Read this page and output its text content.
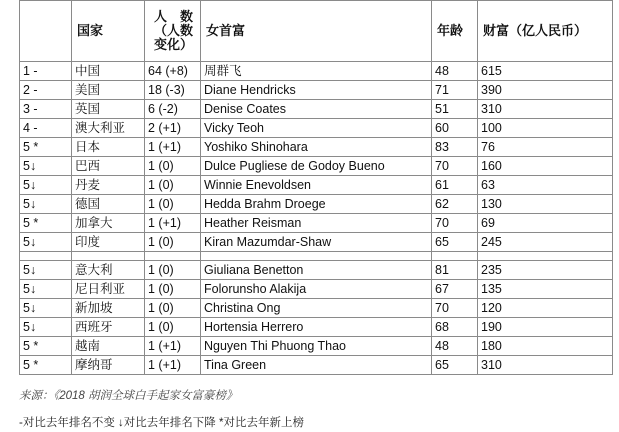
	国家	人　数
（人数
变化）	女首富	年龄	财富（亿人民币）
1 -	中国	64 (+8)	周群飞	48	615
2 -	美国	18 (-3)	Diane Hendricks	71	390
3 -	英国	6 (-2)	Denise Coates	51	310
4 -	澳大利亚	2 (+1)	Vicky Teoh	60	100
5 *	日本	1 (+1)	Yoshiko Shinohara	83	76
5↓	巴西	1 (0)	Dulce Pugliese de Godoy Bueno	70	160
5↓	丹麦	1 (0)	Winnie Enevoldsen	61	63
5↓	德国	1 (0)	Hedda Brahm Droege	62	130
5 *	加拿大	1 (+1)	Heather Reisman	70	69
5↓	印度	1 (0)	Kiran Mazumdar-Shaw	65	245

5↓	意大利	1 (0)	Giuliana Benetton	81	235
5↓	尼日利亚	1 (0)	Folorunsho Alakija	67	135
5↓	新加坡	1 (0)	Christina Ong	70	120
5↓	西班牙	1 (0)	Hortensia Herrero	68	190
5 *	越南	1 (+1)	Nguyen Thi Phuong Thao	48	180
5 *	摩纳哥	1 (+1)	Tina Green	65	310
来源：《2018 胡润全球白手起家女富豪榜》
-对比去年排名不变 ↓对比去年排名下降 *对比去年新上榜
